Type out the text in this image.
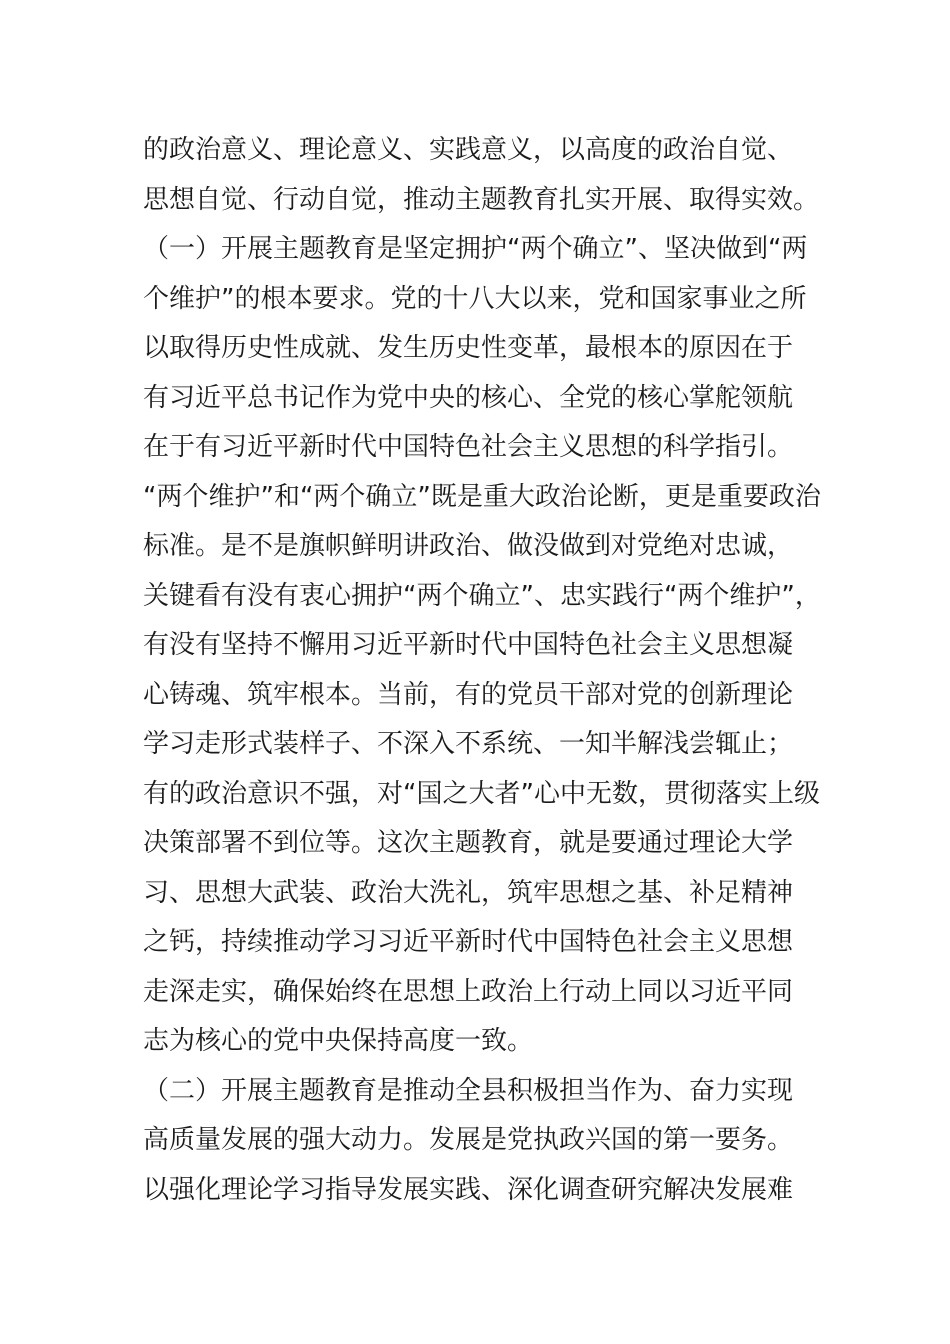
的政治意义、理论意义、实践意义，以高度的政治自觉、
思想自觉、行动自觉，推动主题教育扎实开展、取得实效。
（一）开展主题教育是坚定拥护“两个确立”、坚决做到“两
个维护”的根本要求。党的十八大以来，党和国家事业之所
以取得历史性成就、发生历史性变革，最根本的原因在于
有习近平总书记作为党中央的核心、全党的核心掌舵领航
在于有习近平新时代中国特色社会主义思想的科学指引。
“两个维护”和“两个确立”既是重大政治论断，更是重要政治
标准。是不是旗帜鲜明讲政治、做没做到对党绝对忠诚，
关键看有没有衷心拥护“两个确立”、忠实践行“两个维护”，
有没有坚持不懈用习近平新时代中国特色社会主义思想凝
心铸魂、筑牢根本。当前，有的党员干部对党的创新理论
学习走形式装样子、不深入不系统、一知半解浅尝辄止；
有的政治意识不强，对“国之大者”心中无数，贯彻落实上级
决策部署不到位等。这次主题教育，就是要通过理论大学
习、思想大武装、政治大洗礼，筑牢思想之基、补足精神
之钙，持续推动学习习近平新时代中国特色社会主义思想
走深走实，确保始终在思想上政治上行动上同以习近平同
志为核心的党中央保持高度一致。
（二）开展主题教育是推动全县积极担当作为、奋力实现
高质量发展的强大动力。发展是党执政兴国的第一要务。
以强化理论学习指导发展实践、深化调查研究解决发展难
